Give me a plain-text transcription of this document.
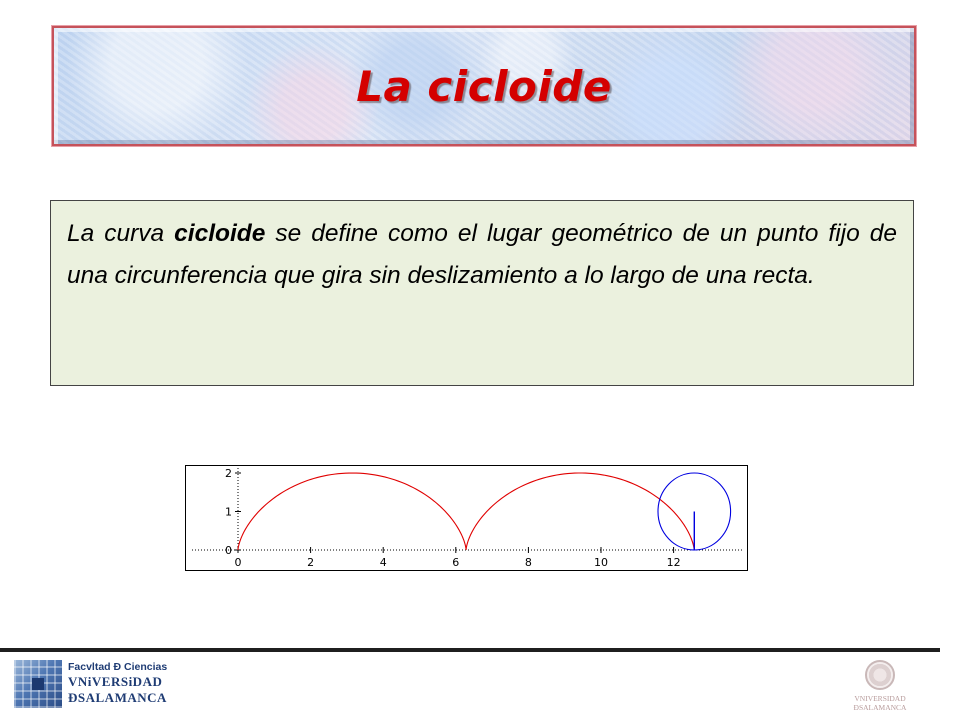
La cicloide

La curva cicloide se define como el lugar geométrico de un punto fijo de una circunferencia que gira sin deslizamiento a lo largo de una recta.

0	2	4	6	8	10	12
0
1
2
Facvltad Ð Ciencias
VNiVERSiDAD
ÐSALAMANCA	VNIVERSIDAD
ÐSALAMANCA
